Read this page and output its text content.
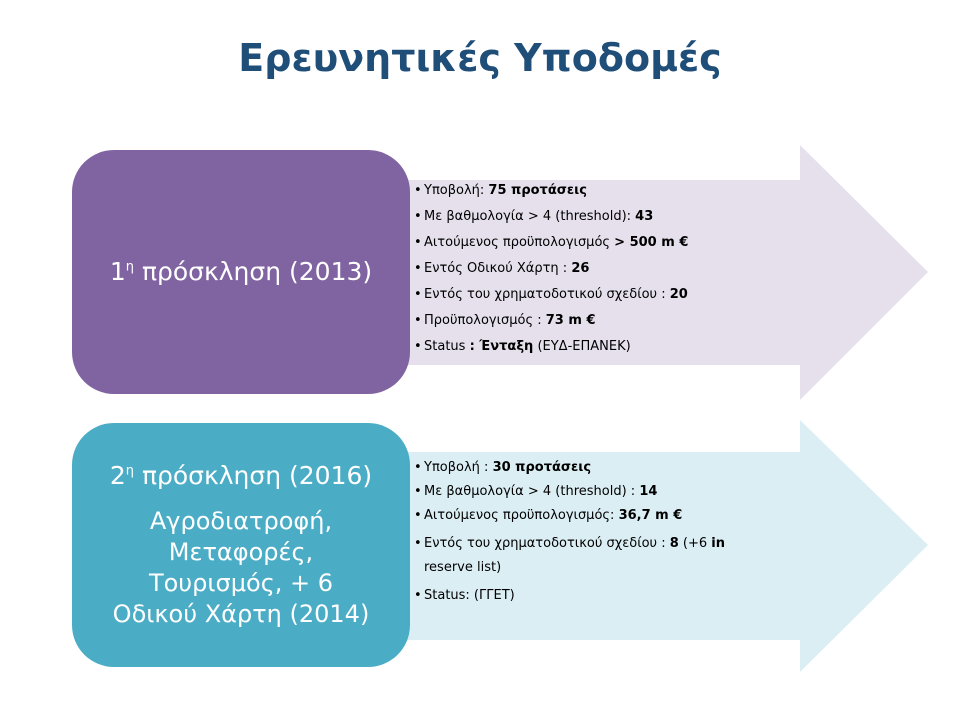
Ερευνητικές Υποδομές
$1^\eta$ πρόσκληση (2013)
• Υποβολή: 75 προτάσεις
• Με βαθμολογία > 4 (threshold): 43
• Αιτούμενος προϋπολογισμός > 500 m €
• Εντός Οδικού Χάρτη : 26
• Εντός του χρηματοδοτικού σχεδίου : 20
• Προϋπολογισμός : 73 m €
• Status : Ένταξη (ΕΥΔ-ΕΠΑΝΕΚ)
$2^\eta$ πρόσκληση (2016)
Αγροδιατροφή,
Μεταφορές,
Τουρισμός, + 6
Οδικού Χάρτη (2014)
• Υποβολή : 30 προτάσεις
• Με βαθμολογία > 4 (threshold) : 14
• Αιτούμενος προϋπολογισμός: 36,7 m €
• Εντός του χρηματοδοτικού σχεδίου : 8 (+6 in
reserve list)
• Status: (ΓΓΕΤ)
